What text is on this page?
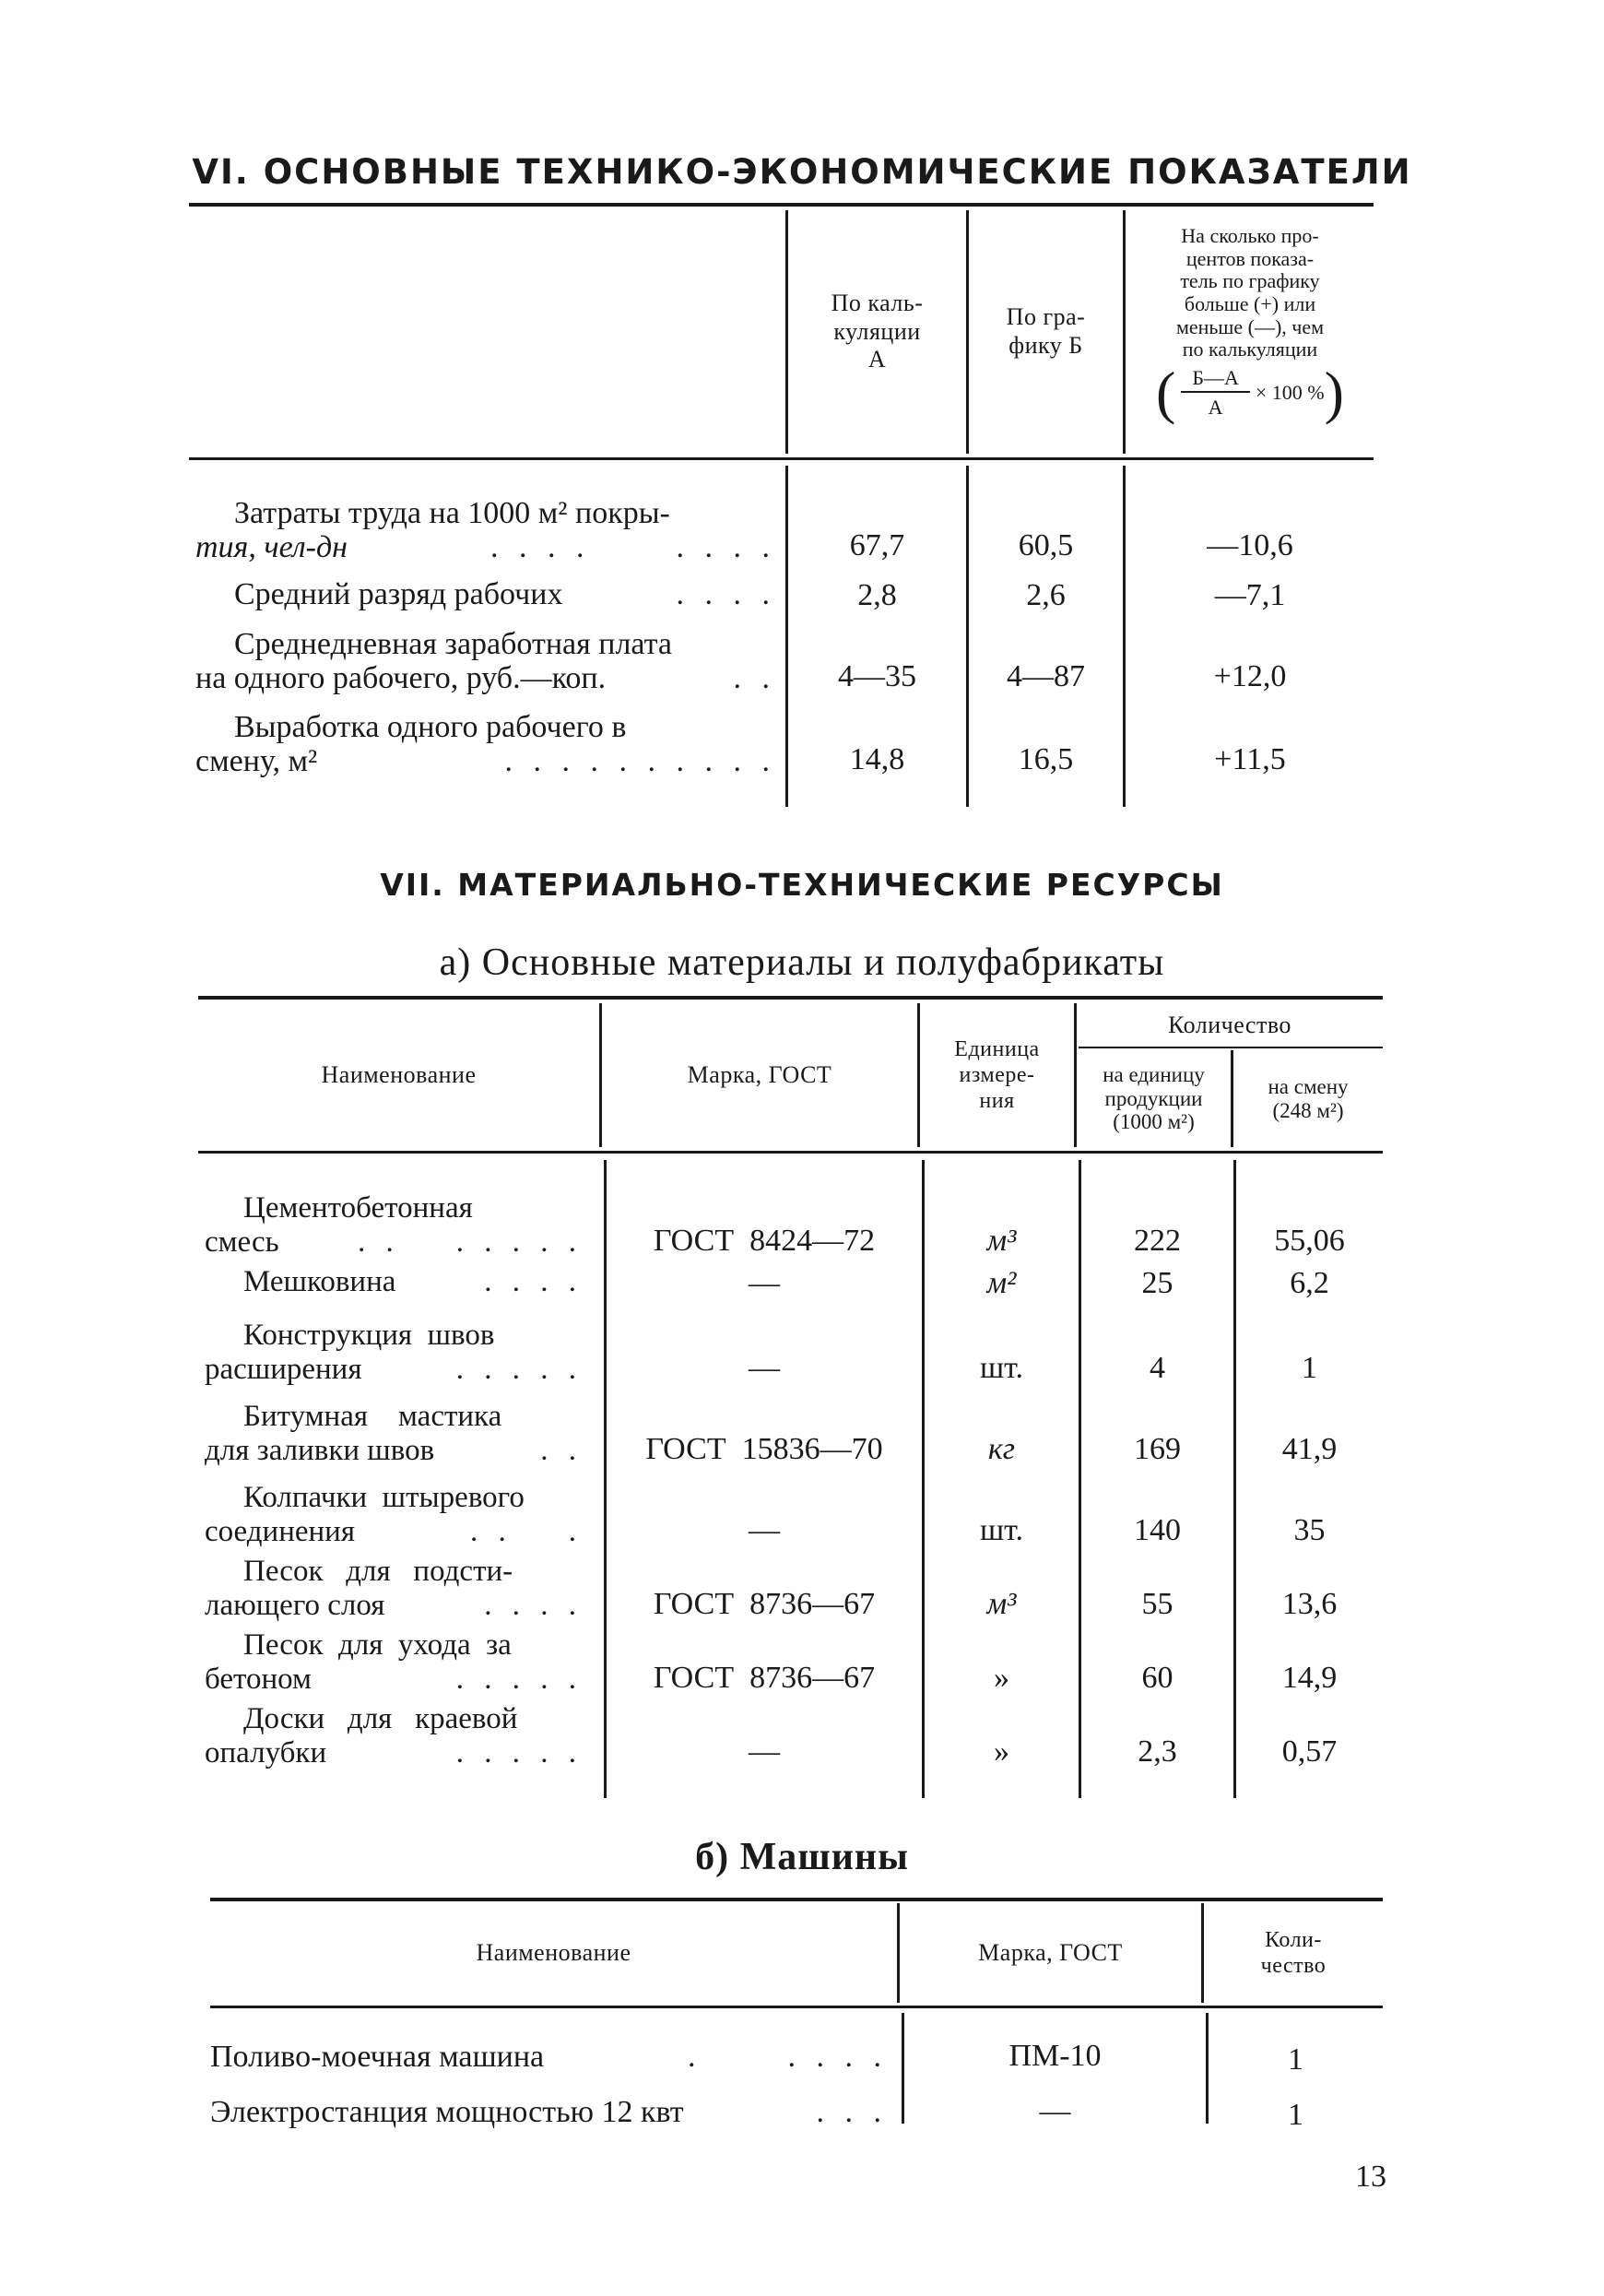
VI. ОСНОВНЫЕ ТЕХНИКО-ЭКОНОМИЧЕСКИЕ ПОКАЗАТЕЛИ
По каль-
куляции
А
По гра-
фику Б
На сколько про-
центов показа-
тель по графику
больше (+) или
меньше (—), чем
по калькуляции
( Б—А
А
× 100 % )
Затраты труда на 1000 м² покры-
тия, чел-дн	. . . .      . . . .	67,7	60,5	—10,6
Средний разряд рабочих	. . . .	2,8	2,6	—7,1
Среднедневная заработная плата
на одного рабочего, руб.—коп.	. .	4—35	4—87	+12,0
Выработка одного рабочего в
смену, м²	. . . . . . . . . .	14,8	16,5	+11,5
VII. МАТЕРИАЛЬНО-ТЕХНИЧЕСКИЕ РЕСУРСЫ
а) Основные материалы и полуфабрикаты
Наименование	Марка, ГОСТ
Единица
измере-
ния
Количество
на единицу
продукции
(1000 м²)
на смену
(248 м²)
Цементобетонная
смесь	. .    . . . . .	ГОСТ  8424—72	м³	222	55,06
Мешковина	. . . .	—	м²	25	6,2
Конструкция  швов
расширения	. . . . .	—	шт.	4	1
Битумная    мастика
для заливки швов	. .	ГОСТ  15836—70	кг	169	41,9
Колпачки  штыревого
соединения	. .    .	—	шт.	140	35
Песок   для   подсти-
лающего слоя	. . . .	ГОСТ  8736—67	м³	55	13,6
Песок  для  ухода  за
бетоном	. . . . .	ГОСТ  8736—67	»	60	14,9
Доски   для   краевой
опалубки	. . . . .	—	»	2,3	0,57
б) Машины
Наименование	Марка, ГОСТ	Коли-
чество
Поливо-моечная машина	.      . . . .	ПМ-10	1
Электростанция мощностью 12 квт	. . .	—	1
13
